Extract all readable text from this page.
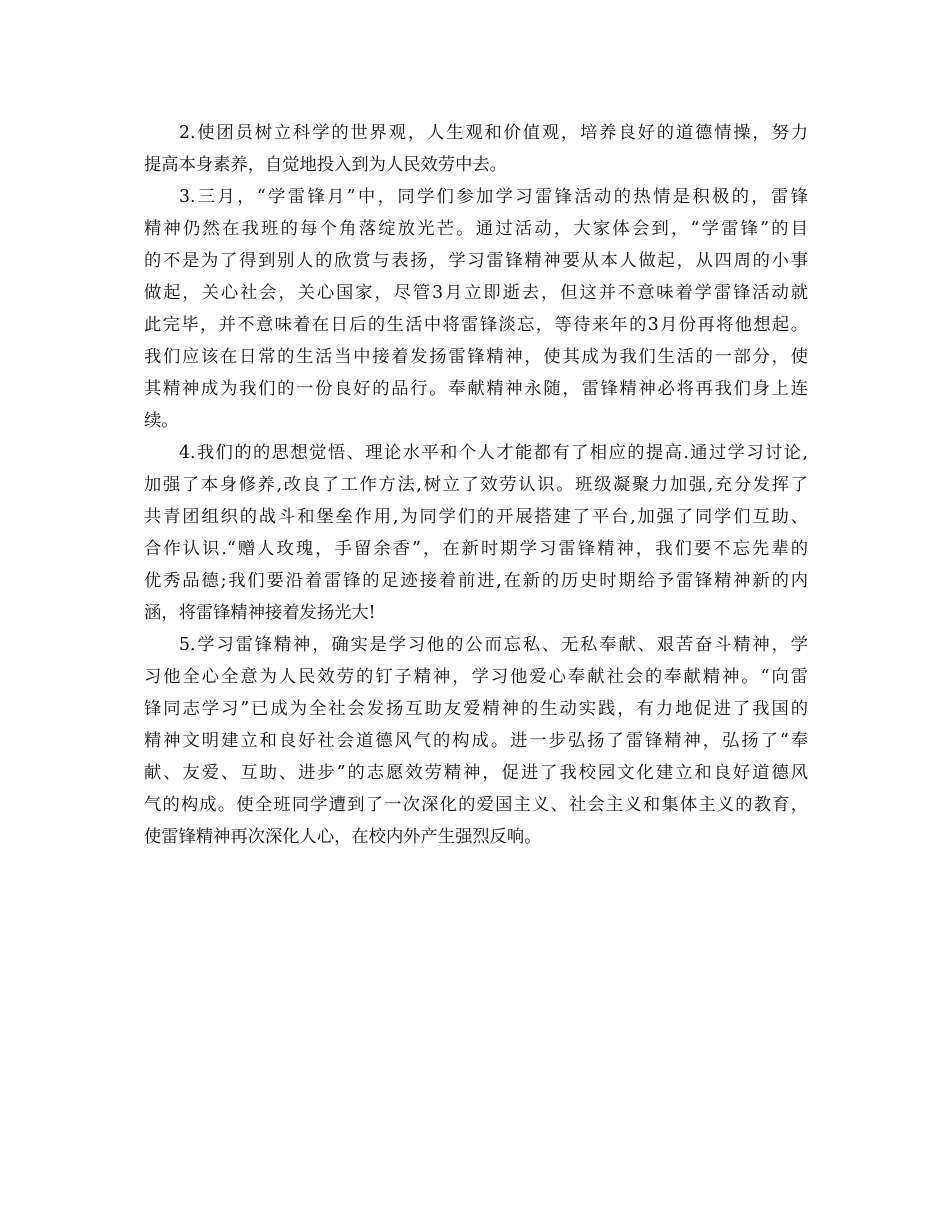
2.使团员树立科学的世界观，人生观和价值观，培养良好的道德情操，努力
提高本身素养，自觉地投入到为人民效劳中去。
3.三月，“学雷锋月”中，同学们参加学习雷锋活动的热情是积极的，雷锋
精神仍然在我班的每个角落绽放光芒。通过活动，大家体会到，“学雷锋”的目
的不是为了得到别人的欣赏与表扬，学习雷锋精神要从本人做起，从四周的小事
做起，关心社会，关心国家，尽管3月立即逝去，但这并不意味着学雷锋活动就
此完毕，并不意味着在日后的生活中将雷锋淡忘，等待来年的3月份再将他想起。
我们应该在日常的生活当中接着发扬雷锋精神，使其成为我们生活的一部分，使
其精神成为我们的一份良好的品行。奉献精神永随，雷锋精神必将再我们身上连
续。
4.我们的的思想觉悟、理论水平和个人才能都有了相应的提高.通过学习讨论,
加强了本身修养,改良了工作方法,树立了效劳认识。班级凝聚力加强,充分发挥了
共青团组织的战斗和堡垒作用,为同学们的开展搭建了平台,加强了同学们互助、
合作认识.“赠人玫瑰，手留余香”，在新时期学习雷锋精神，我们要不忘先辈的
优秀品德;我们要沿着雷锋的足迹接着前进,在新的历史时期给予雷锋精神新的内
涵，将雷锋精神接着发扬光大!
5.学习雷锋精神，确实是学习他的公而忘私、无私奉献、艰苦奋斗精神，学
习他全心全意为人民效劳的钉子精神，学习他爱心奉献社会的奉献精神。“向雷
锋同志学习”已成为全社会发扬互助友爱精神的生动实践，有力地促进了我国的
精神文明建立和良好社会道德风气的构成。进一步弘扬了雷锋精神，弘扬了“奉
献、友爱、互助、进步”的志愿效劳精神，促进了我校园文化建立和良好道德风
气的构成。使全班同学遭到了一次深化的爱国主义、社会主义和集体主义的教育，
使雷锋精神再次深化人心，在校内外产生强烈反响。
